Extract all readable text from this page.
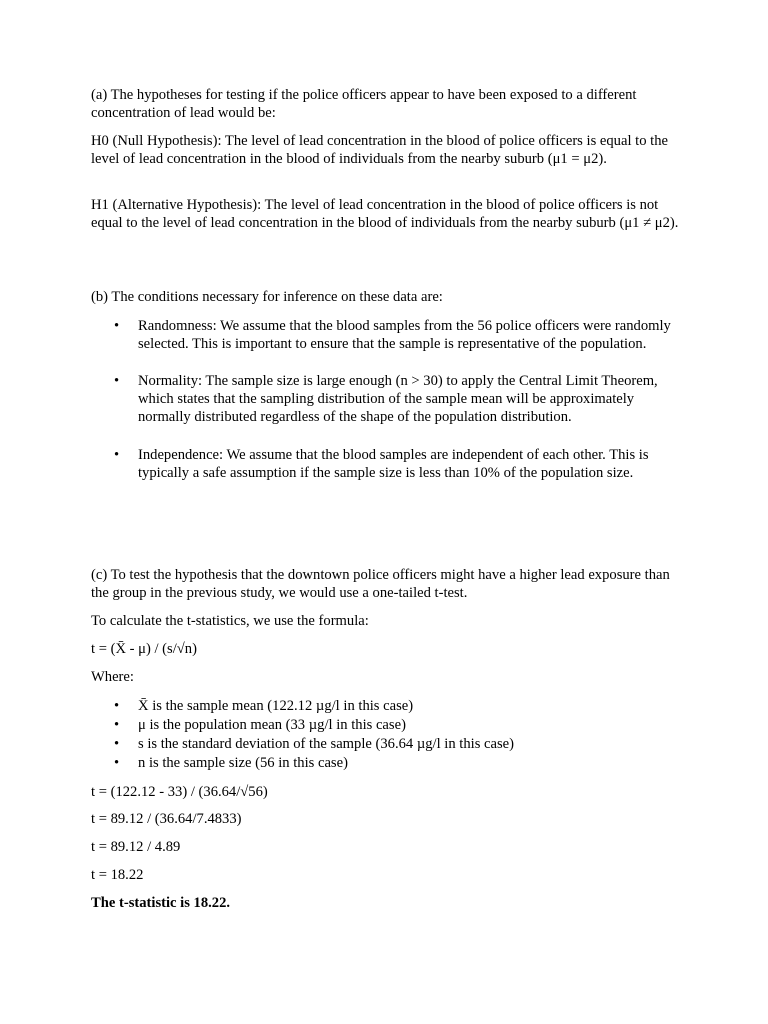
(a) The hypotheses for testing if the police officers appear to have been exposed to a different concentration of lead would be:

H0 (Null Hypothesis): The level of lead concentration in the blood of police officers is equal to the level of lead concentration in the blood of individuals from the nearby suburb (μ1 = μ2).

H1 (Alternative Hypothesis): The level of lead concentration in the blood of police officers is not equal to the level of lead concentration in the blood of individuals from the nearby suburb (μ1 ≠ μ2).

(b) The conditions necessary for inference on these data are:

• Randomness: We assume that the blood samples from the 56 police officers were randomly selected. This is important to ensure that the sample is representative of the population.

• Normality: The sample size is large enough (n > 30) to apply the Central Limit Theorem, which states that the sampling distribution of the sample mean will be approximately normally distributed regardless of the shape of the population distribution.

• Independence: We assume that the blood samples are independent of each other. This is typically a safe assumption if the sample size is less than 10% of the population size.

(c) To test the hypothesis that the downtown police officers might have a higher lead exposure than the group in the previous study, we would use a one-tailed t-test.

To calculate the t-statistics, we use the formula:

t = (X̄ - μ) / (s/√n)

Where:

• X̄ is the sample mean (122.12 µg/l in this case)

• μ is the population mean (33 µg/l in this case)

• s is the standard deviation of the sample (36.64 µg/l in this case)

• n is the sample size (56 in this case)

t = (122.12 - 33) / (36.64/√56)

t = 89.12 / (36.64/7.4833)

t = 89.12 / 4.89

t = 18.22

The t-statistic is 18.22.
